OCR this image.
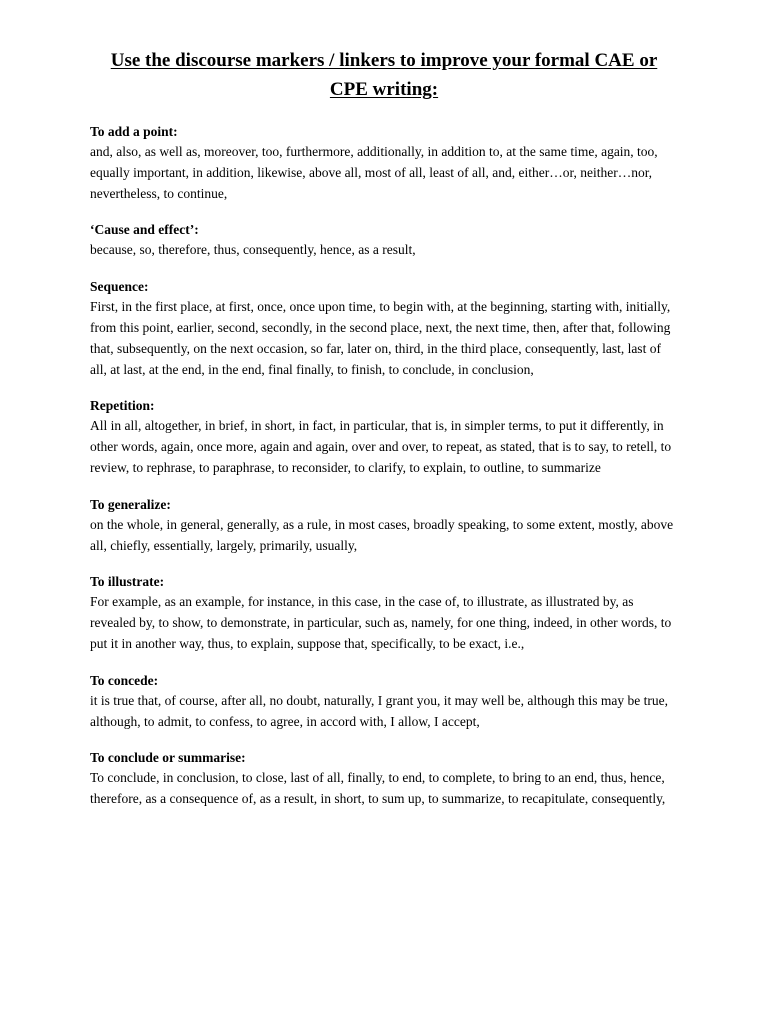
Use the discourse markers / linkers to improve your formal CAE or CPE writing:

To add a point:

and, also, as well as, moreover, too, furthermore, additionally, in addition to, at the same time, again, too, equally important, in addition, likewise, above all, most of all, least of all, and, either…or, neither…nor, nevertheless, to continue,

‘Cause and effect’:

because, so, therefore, thus, consequently, hence, as a result,

Sequence:

First, in the first place, at first, once, once upon time, to begin with, at the beginning, starting with, initially, from this point, earlier, second, secondly, in the second place, next, the next time, then, after that, following that, subsequently, on the next occasion, so far, later on, third, in the third place, consequently, last, last of all, at last, at the end, in the end, final finally, to finish, to conclude, in conclusion,

Repetition:

All in all, altogether, in brief, in short, in fact, in particular, that is, in simpler terms, to put it differently, in other words, again, once more, again and again, over and over, to repeat, as stated, that is to say, to retell, to review, to rephrase, to paraphrase, to reconsider, to clarify, to explain, to outline, to summarize

To generalize:

on the whole, in general, generally, as a rule, in most cases, broadly speaking, to some extent, mostly, above all, chiefly, essentially, largely, primarily, usually,

To illustrate:

For example, as an example, for instance, in this case, in the case of, to illustrate, as illustrated by, as revealed by, to show, to demonstrate, in particular, such as, namely, for one thing, indeed, in other words, to put it in another way, thus, to explain, suppose that, specifically, to be exact, i.e.,

To concede:

it is true that, of course, after all, no doubt, naturally, I grant you, it may well be, although this may be true, although, to admit, to confess, to agree, in accord with, I allow, I accept,

To conclude or summarise:

To conclude, in conclusion, to close, last of all, finally, to end, to complete, to bring to an end, thus, hence, therefore, as a consequence of, as a result, in short, to sum up, to summarize, to recapitulate, consequently,
